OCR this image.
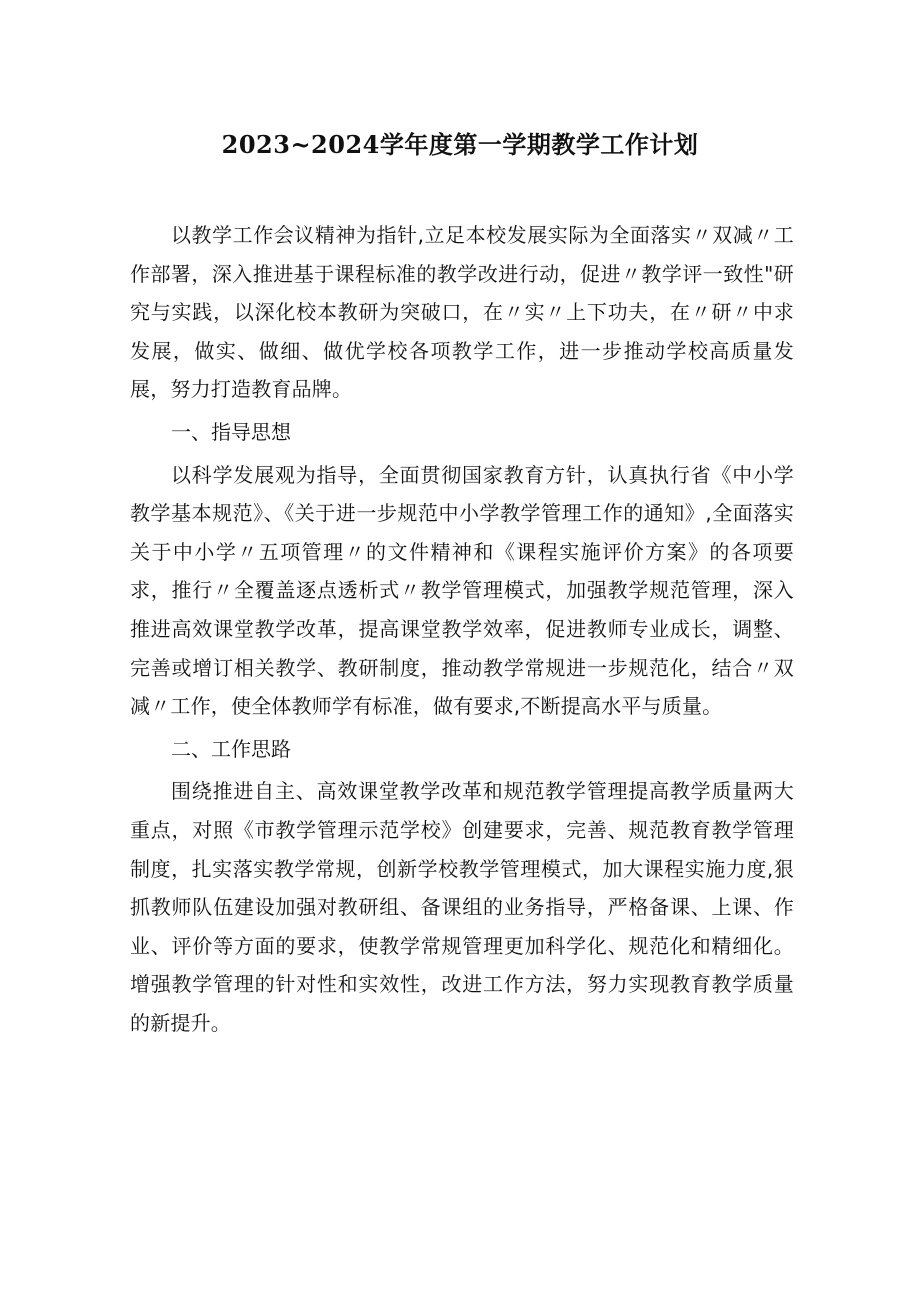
2023~2024学年度第一学期教学工作计划

以教学工作会议精神为指针,立足本校发展实际为全面落实〃双减〃工作部署，深入推进基于课程标准的教学改进行动，促进〃教学评一致性"研究与实践，以深化校本教研为突破口，在〃实〃上下功夫，在〃研〃中求发展，做实、做细、做优学校各项教学工作，进一步推动学校高质量发展，努力打造教育品牌。

一、指导思想

以科学发展观为指导，全面贯彻国家教育方针，认真执行省《中小学教学基本规范》、《关于进一步规范中小学教学管理工作的通知》,全面落实关于中小学〃五项管理〃的文件精神和《课程实施评价方案》的各项要求，推行〃全覆盖逐点透析式〃教学管理模式，加强教学规范管理，深入推进高效课堂教学改革，提高课堂教学效率，促进教师专业成长，调整、完善或增订相关教学、教研制度，推动教学常规进一步规范化，结合〃双减〃工作，使全体教师学有标准，做有要求,不断提高水平与质量。

二、工作思路

围绕推进自主、高效课堂教学改革和规范教学管理提高教学质量两大重点，对照《市教学管理示范学校》创建要求，完善、规范教育教学管理制度，扎实落实教学常规，创新学校教学管理模式，加大课程实施力度,狠抓教师队伍建设加强对教研组、备课组的业务指导，严格备课、上课、作业、评价等方面的要求，使教学常规管理更加科学化、规范化和精细化。增强教学管理的针对性和实效性，改进工作方法，努力实现教育教学质量的新提升。
